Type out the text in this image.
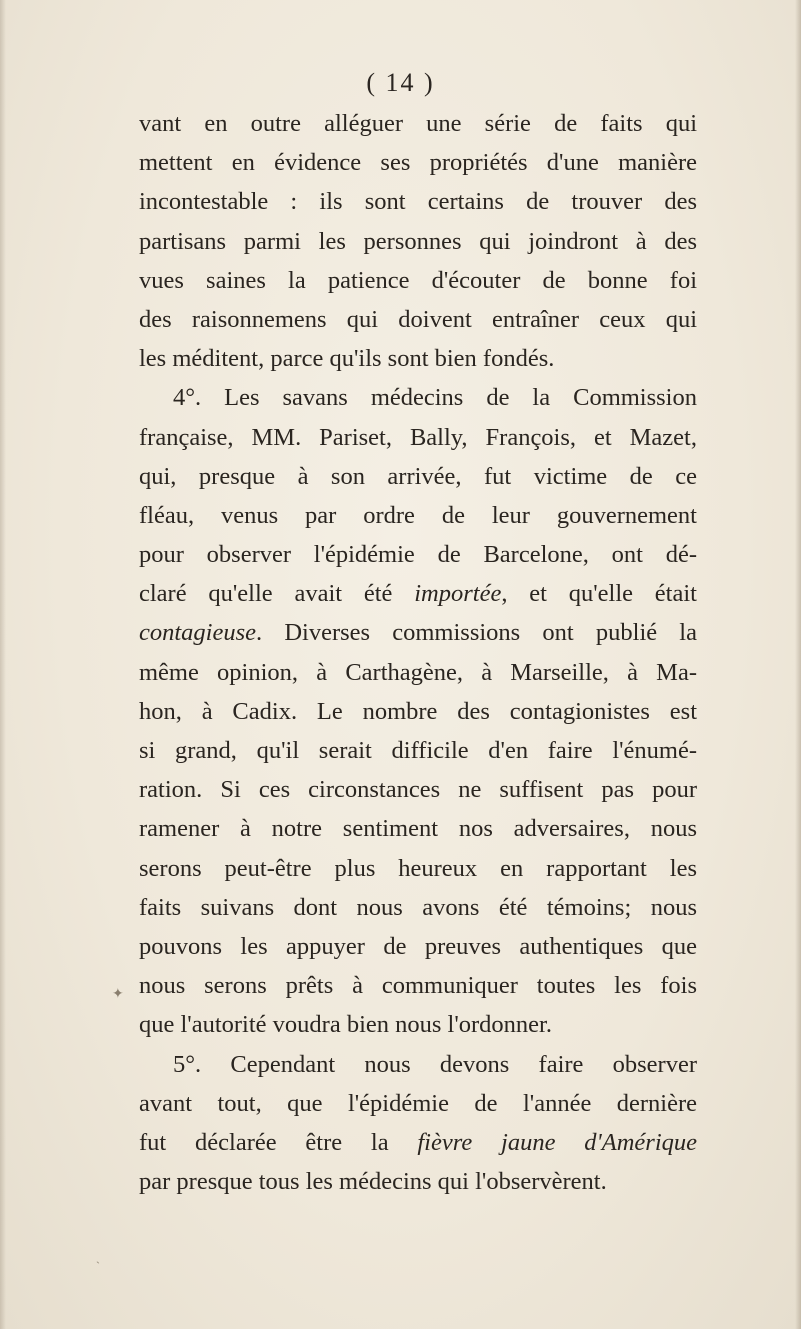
( 14 )
vant en outre alléguer une série de faits qui
mettent en évidence ses propriétés d'une manière
incontestable : ils sont certains de trouver des
partisans parmi les personnes qui joindront à des
vues saines la patience d'écouter de bonne foi
des raisonnemens qui doivent entraîner ceux qui
les méditent, parce qu'ils sont bien fondés.
4°. Les savans médecins de la Commission
française, MM. Pariset, Bally, François, et Mazet,
qui, presque à son arrivée, fut victime de ce
fléau, venus par ordre de leur gouvernement
pour observer l'épidémie de Barcelone, ont dé-
claré qu'elle avait été importée, et qu'elle était
contagieuse. Diverses commissions ont publié la
même opinion, à Carthagène, à Marseille, à Ma-
hon, à Cadix. Le nombre des contagionistes est
si grand, qu'il serait difficile d'en faire l'énumé-
ration. Si ces circonstances ne suffisent pas pour
ramener à notre sentiment nos adversaires, nous
serons peut-être plus heureux en rapportant les
faits suivans dont nous avons été témoins; nous
pouvons les appuyer de preuves authentiques que
nous serons prêts à communiquer toutes les fois
que l'autorité voudra bien nous l'ordonner.
5°. Cependant nous devons faire observer
avant tout, que l'épidémie de l'année dernière
fut déclarée être la fièvre jaune d'Amérique
par presque tous les médecins qui l'observèrent.
✦
ˎ
